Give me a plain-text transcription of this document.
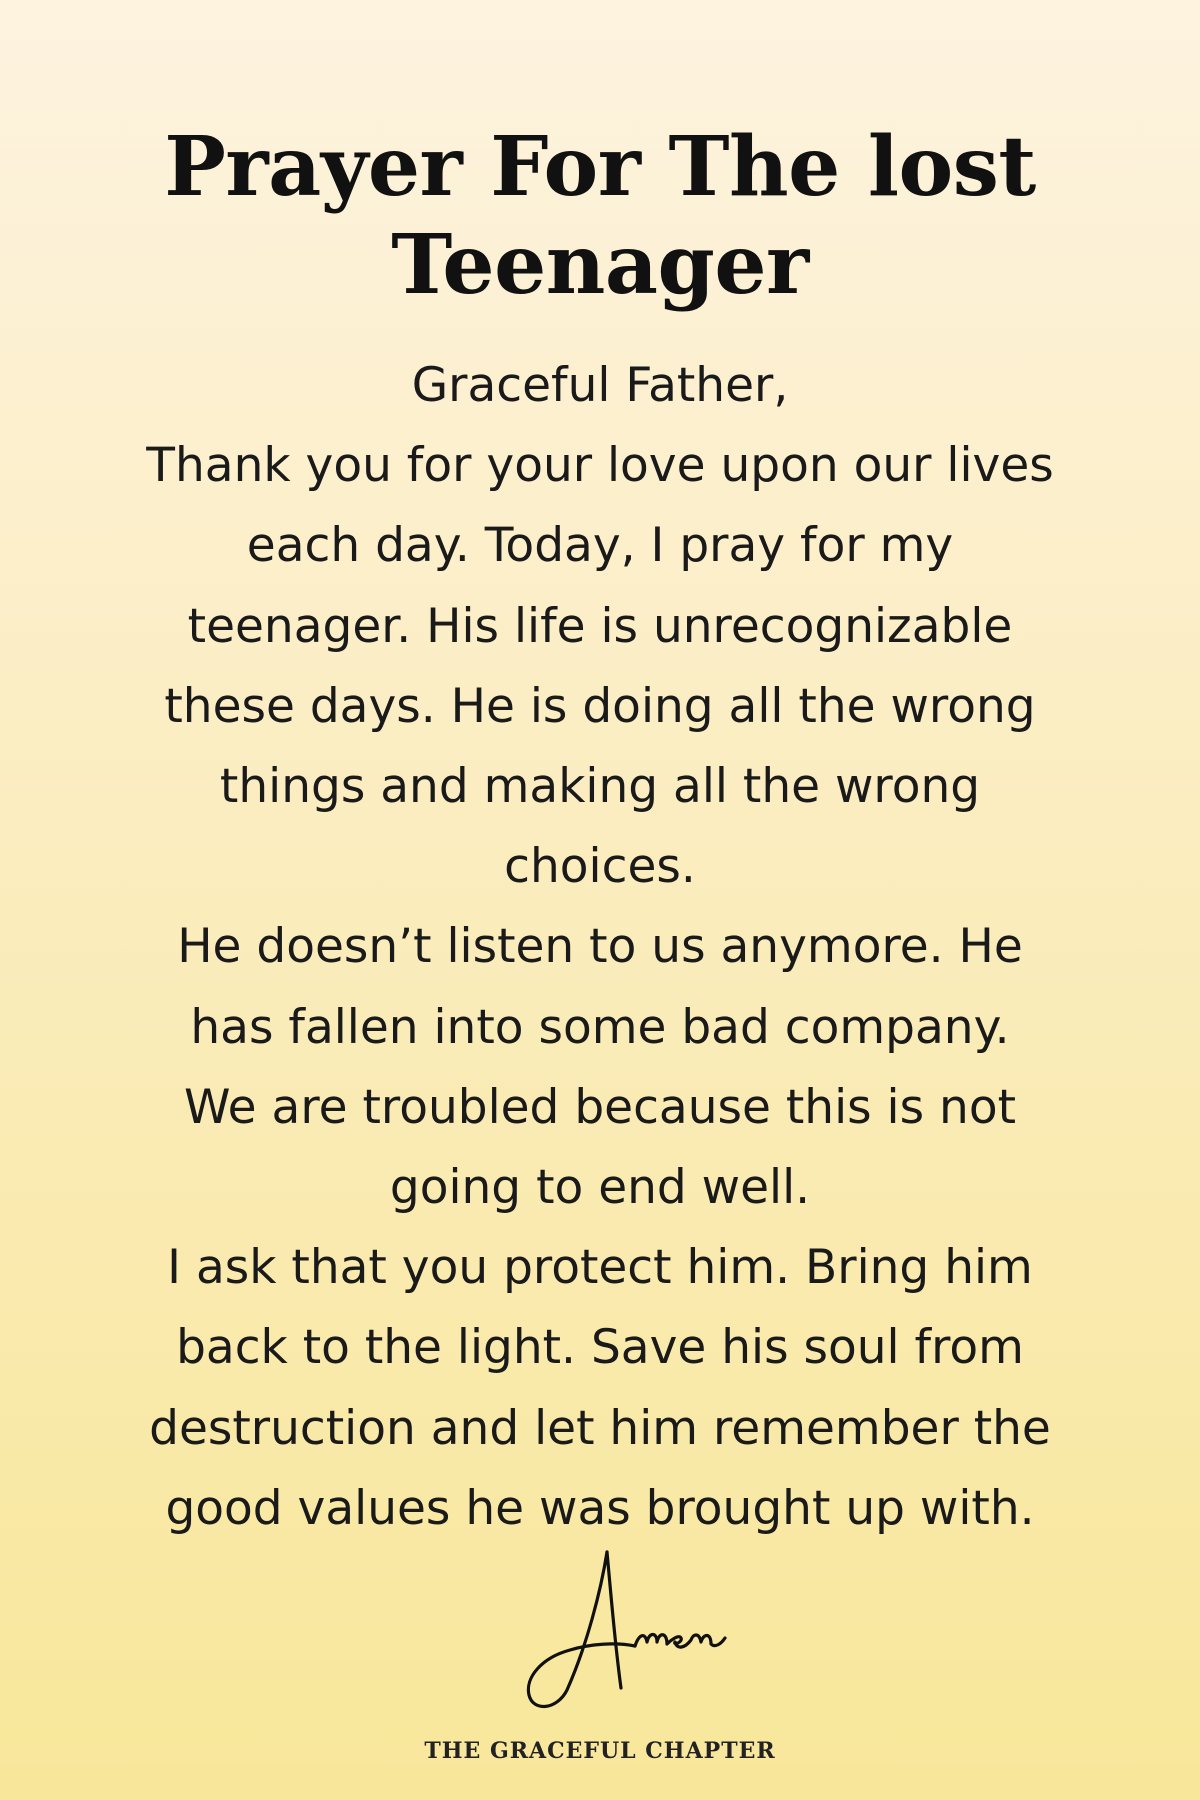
Prayer For The lost
Teenager
Graceful Father,
Thank you for your love upon our lives
each day. Today, I pray for my
teenager. His life is unrecognizable
these days. He is doing all the wrong
things and making all the wrong
choices.
He doesn’t listen to us anymore. He
has fallen into some bad company.
We are troubled because this is not
going to end well.
I ask that you protect him. Bring him
back to the light. Save his soul from
destruction and let him remember the
good values he was brought up with.
THE GRACEFUL CHAPTER
